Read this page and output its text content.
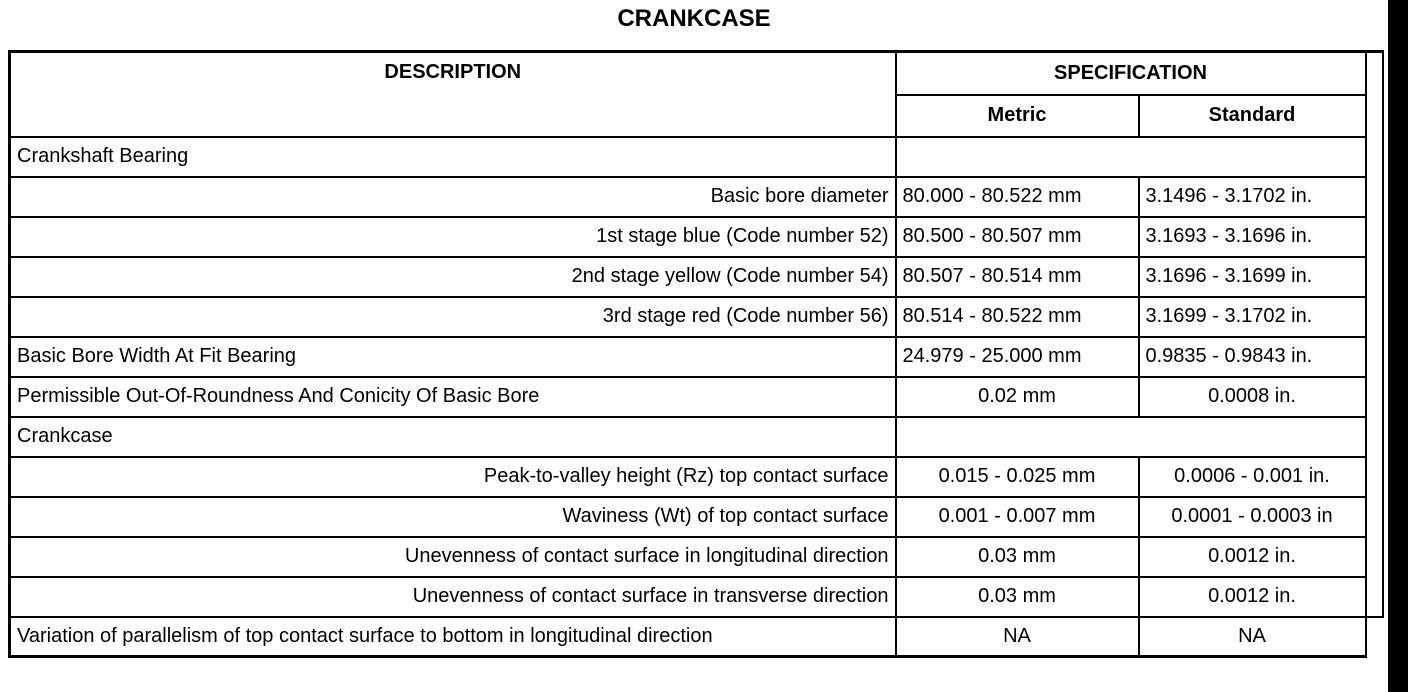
CRANKCASE
DESCRIPTION	SPECIFICATION		
	Metric	Standard	
Crankshaft Bearing			
Basic bore diameter	80.000 - 80.522 mm	3.1496 - 3.1702 in.	
1st stage blue (Code number 52)	80.500 - 80.507 mm	3.1693 - 3.1696 in.	
2nd stage yellow (Code number 54)	80.507 - 80.514 mm	3.1696 - 3.1699 in.	
3rd stage red (Code number 56)	80.514 - 80.522 mm	3.1699 - 3.1702 in.	
Basic Bore Width At Fit Bearing	24.979 - 25.000 mm	0.9835 - 0.9843 in.	
Permissible Out-Of-Roundness And Conicity Of Basic Bore	0.02 mm	0.0008 in.	
Crankcase			
Peak-to-valley height (Rz) top contact surface	0.015 - 0.025 mm	0.0006 - 0.001 in.	
Waviness (Wt) of top contact surface	0.001 - 0.007 mm	0.0001 - 0.0003 in	
Unevenness of contact surface in longitudinal direction	0.03 mm	0.0012 in.	
Unevenness of contact surface in transverse direction	0.03 mm	0.0012 in.	
Variation of parallelism of top contact surface to bottom in longitudinal direction	NA	NA	
